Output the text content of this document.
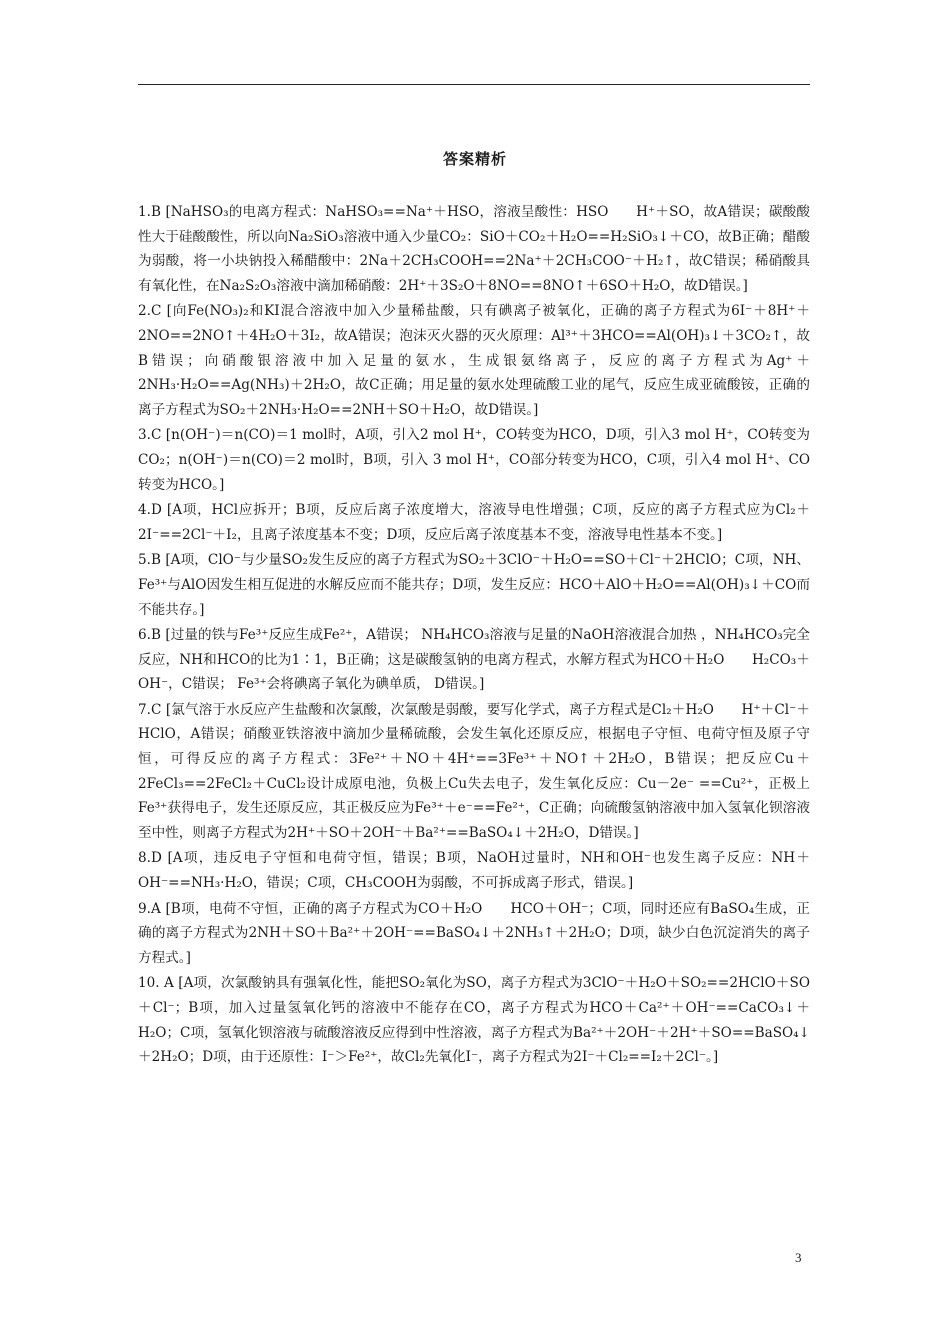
答案精析

1.B [NaHSO₃的电离方程式：NaHSO₃==Na⁺＋HSO，溶液呈酸性：HSO　　H⁺＋SO，故A错误；碳酸酸性大于硅酸酸性，所以向Na₂SiO₃溶液中通入少量CO₂：SiO＋CO₂＋H₂O==H₂SiO₃↓＋CO，故B正确；醋酸为弱酸，将一小块钠投入稀醋酸中：2Na＋2CH₃COOH==2Na⁺＋2CH₃COO⁻＋H₂↑，故C错误；稀硝酸具有氧化性，在Na₂S₂O₃溶液中滴加稀硝酸：2H⁺＋3S₂O＋8NO==8NO↑＋6SO＋H₂O，故D错误。]

2.C [向Fe(NO₃)₂和KI混合溶液中加入少量稀盐酸，只有碘离子被氧化，正确的离子方程式为6I⁻＋8H⁺＋2NO==2NO↑＋4H₂O＋3I₂，故A错误；泡沫灭火器的灭火原理：Al³⁺＋3HCO==Al(OH)₃↓＋3CO₂↑，故B错误；向硝酸银溶液中加入足量的氨水，生成银氨络离子，反应的离子方程式为Ag⁺＋2NH₃·H₂O==Ag(NH₃)＋2H₂O，故C正确；用足量的氨水处理硫酸工业的尾气，反应生成亚硫酸铵，正确的离子方程式为SO₂＋2NH₃·H₂O==2NH＋SO＋H₂O，故D错误。]

3.C [n(OH⁻)＝n(CO)＝1 mol时，A项，引入2 mol H⁺，CO转变为HCO，D项，引入3 mol H⁺，CO转变为CO₂；n(OH⁻)＝n(CO)＝2 mol时，B项，引入 3 mol H⁺，CO部分转变为HCO，C项，引入4 mol H⁺、CO转变为HCO。]

4.D [A项，HCl应拆开；B项，反应后离子浓度增大，溶液导电性增强；C项，反应的离子方程式应为Cl₂＋2I⁻==2Cl⁻＋I₂，且离子浓度基本不变；D项，反应后离子浓度基本不变，溶液导电性基本不变。]

5.B [A项，ClO⁻与少量SO₂发生反应的离子方程式为SO₂＋3ClO⁻＋H₂O==SO＋Cl⁻＋2HClO；C项，NH、Fe³⁺与AlO因发生相互促进的水解反应而不能共存；D项，发生反应：HCO＋AlO＋H₂O==Al(OH)₃↓＋CO而不能共存。]

6.B [过量的铁与Fe³⁺反应生成Fe²⁺，A错误； NH₄HCO₃溶液与足量的NaOH溶液混合加热 ，NH₄HCO₃完全反应，NH和HCO的比为1∶1，B正确；这是碳酸氢钠的电离方程式，水解方程式为HCO＋H₂O　　H₂CO₃＋ OH⁻，C错误； Fe³⁺会将碘离子氧化为碘单质， D错误。]

7.C [氯气溶于水反应产生盐酸和次氯酸，次氯酸是弱酸，要写化学式，离子方程式是Cl₂＋H₂O　　H⁺＋Cl⁻＋HClO，A错误；硝酸亚铁溶液中滴加少量稀硫酸，会发生氧化还原反应，根据电子守恒、电荷守恒及原子守恒，可得反应的离子方程式：3Fe²⁺＋NO＋4H⁺==3Fe³⁺＋NO↑＋2H₂O，B错误；把反应Cu＋2FeCl₃==2FeCl₂＋CuCl₂设计成原电池，负极上Cu失去电子，发生氧化反应：Cu－2e⁻ ==Cu²⁺，正极上Fe³⁺获得电子，发生还原反应，其正极反应为Fe³⁺＋e⁻==Fe²⁺，C正确；向硫酸氢钠溶液中加入氢氧化钡溶液至中性，则离子方程式为2H⁺＋SO＋2OH⁻＋Ba²⁺==BaSO₄↓＋2H₂O，D错误。]

8.D [A项，违反电子守恒和电荷守恒，错误；B项，NaOH过量时，NH和OH⁻也发生离子反应：NH＋OH⁻==NH₃·H₂O，错误；C项，CH₃COOH为弱酸，不可拆成离子形式，错误。]

9.A [B项，电荷不守恒，正确的离子方程式为CO＋H₂O　　HCO＋OH⁻；C项，同时还应有BaSO₄生成，正确的离子方程式为2NH＋SO＋Ba²⁺＋2OH⁻==BaSO₄↓＋2NH₃↑＋2H₂O；D项，缺少白色沉淀消失的离子方程式。]

10. A [A项，次氯酸钠具有强氧化性，能把SO₂氧化为SO，离子方程式为3ClO⁻＋H₂O＋SO₂==2HClO＋SO＋Cl⁻；B项，加入过量氢氧化钙的溶液中不能存在CO，离子方程式为HCO＋Ca²⁺＋OH⁻==CaCO₃↓＋H₂O；C项，氢氧化钡溶液与硫酸溶液反应得到中性溶液，离子方程式为Ba²⁺＋2OH⁻＋2H⁺＋SO==BaSO₄↓＋2H₂O；D项，由于还原性：I⁻＞Fe²⁺，故Cl₂先氧化I⁻，离子方程式为2I⁻＋Cl₂==I₂＋2Cl⁻。]

3
